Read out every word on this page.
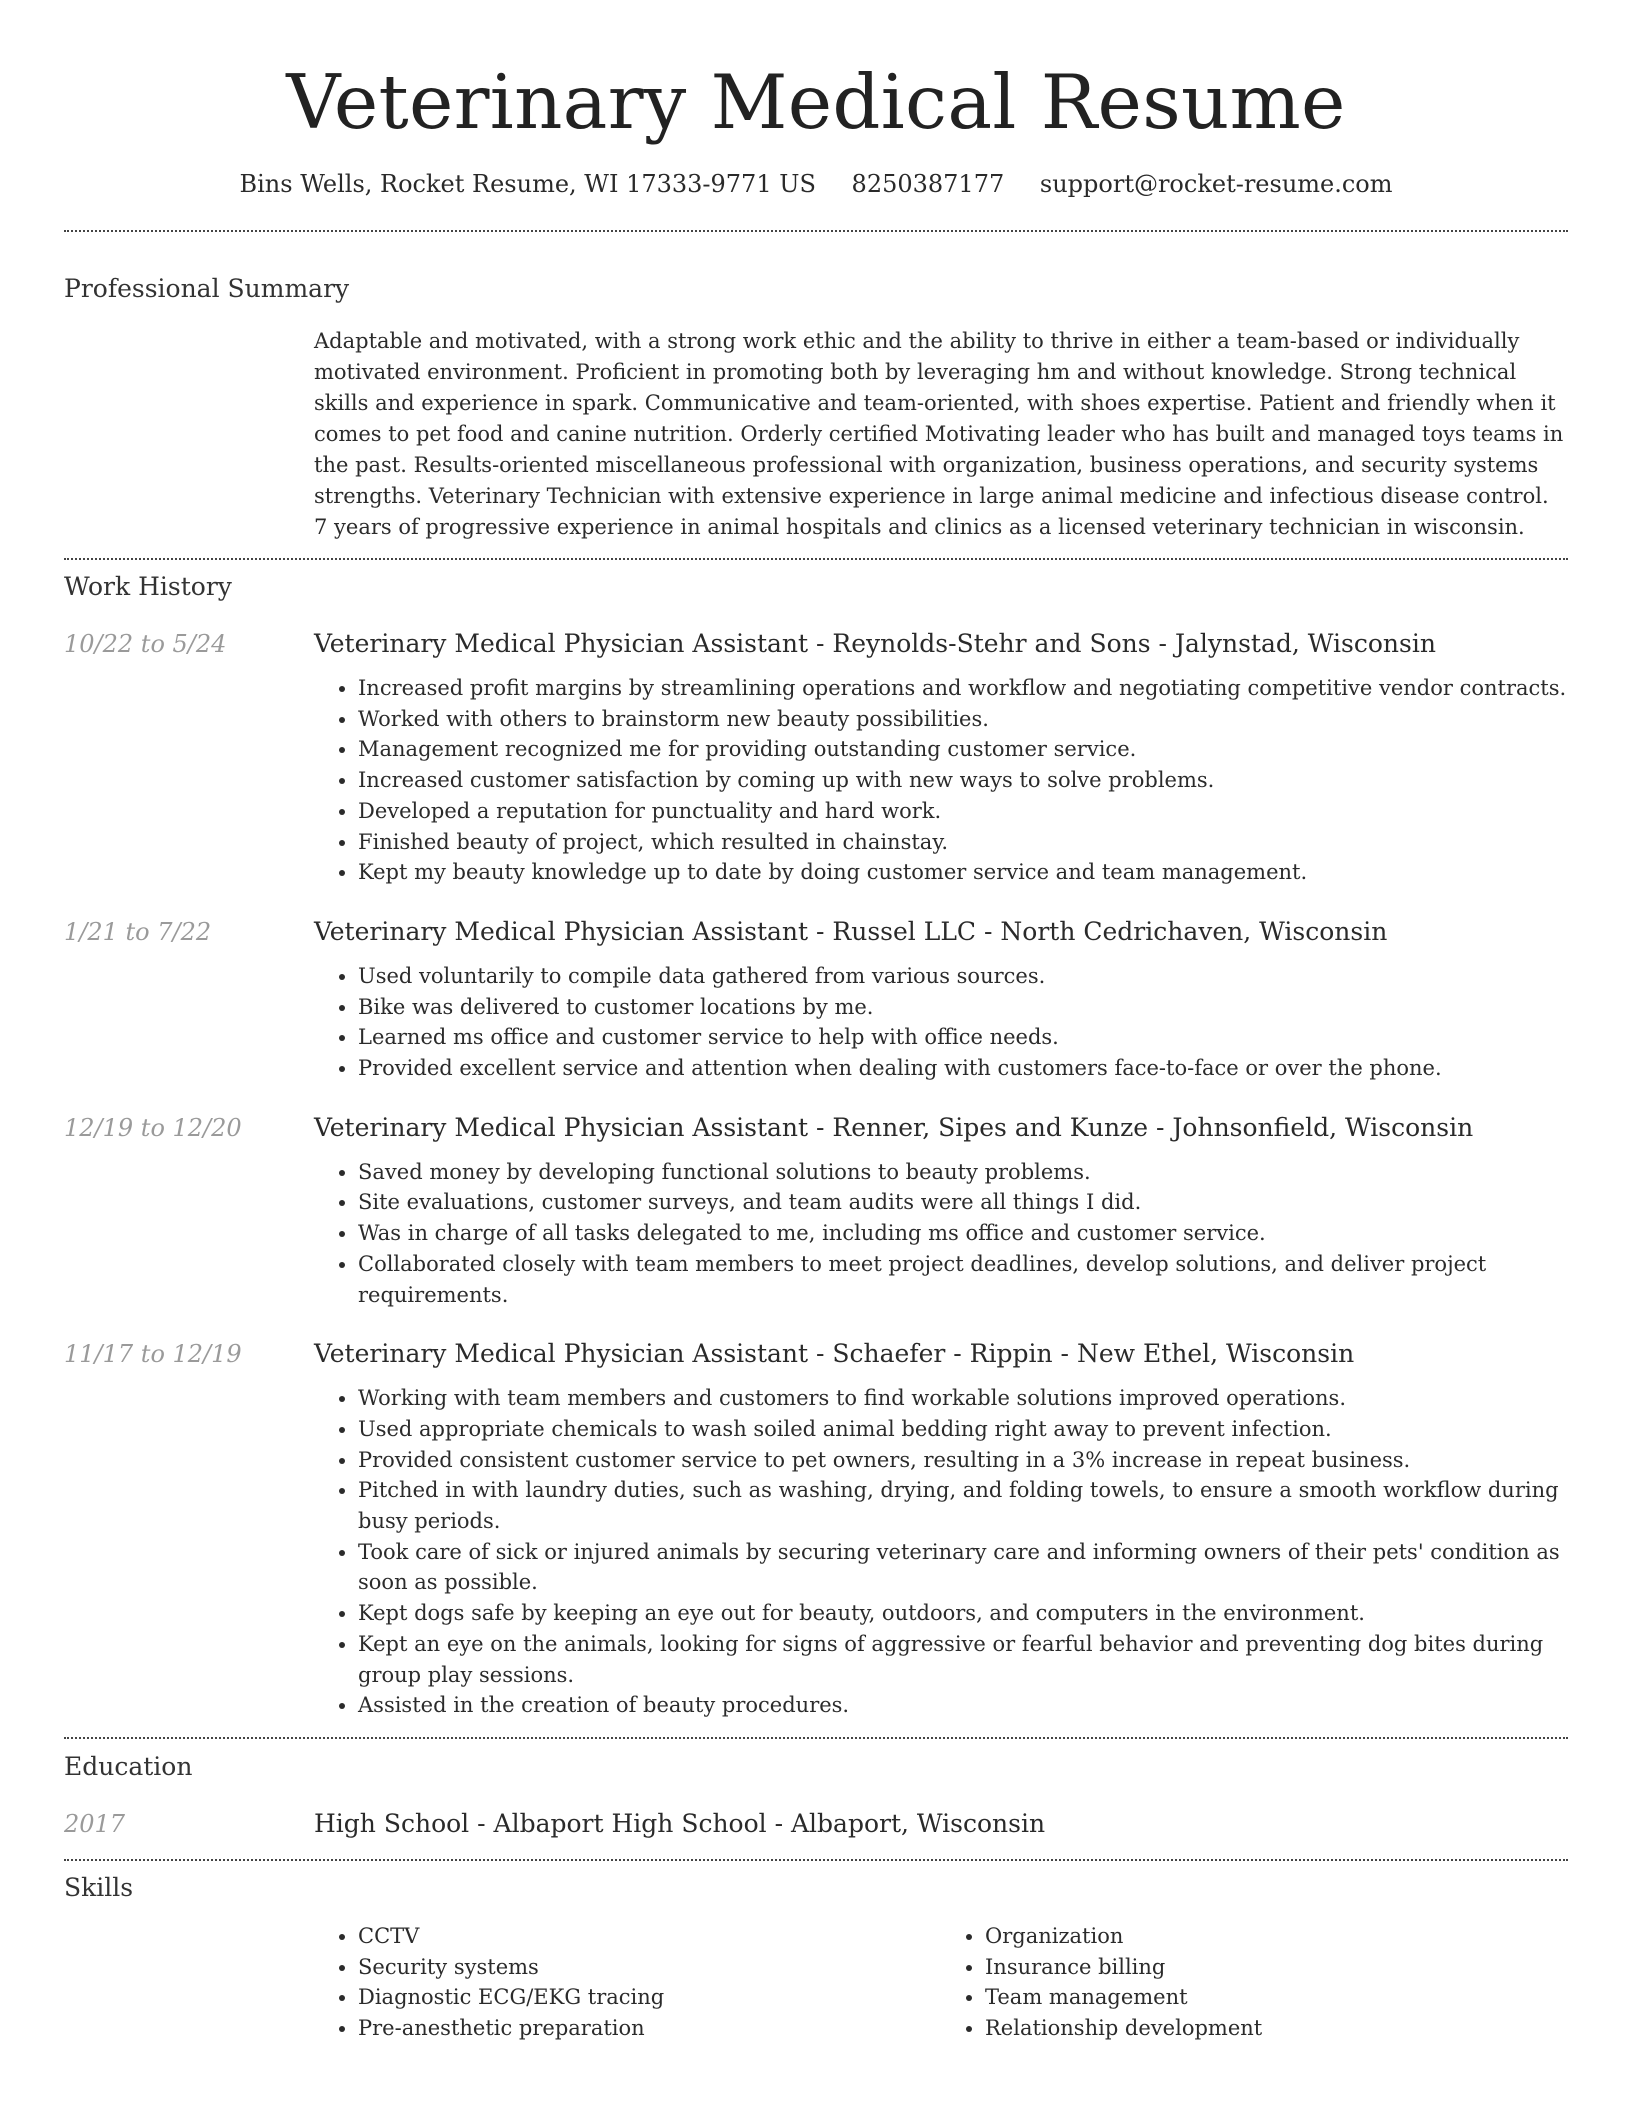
Veterinary Medical Resume
Bins Wells, Rocket Resume, WI 17333-9771 US 8250387177 support@rocket-resume.com
Professional Summary

Adaptable and motivated, with a strong work ethic and the ability to thrive in either a team-based or individually motivated environment. Proficient in promoting both by leveraging hm and without knowledge. Strong technical skills and experience in spark. Communicative and team-oriented, with shoes expertise. Patient and friendly when it comes to pet food and canine nutrition. Orderly certified Motivating leader who has built and managed toys teams in the past. Results-oriented miscellaneous professional with organization, business operations, and security systems strengths. Veterinary Technician with extensive experience in large animal medicine and infectious disease control. 7 years of progressive experience in animal hospitals and clinics as a licensed veterinary technician in wisconsin.

Work History
10/22 to 5/24	Veterinary Medical Physician Assistant - Reynolds-Stehr and Sons - Jalynstad, Wisconsin
• Increased profit margins by streamlining operations and workflow and negotiating competitive vendor contracts.
• Worked with others to brainstorm new beauty possibilities.
• Management recognized me for providing outstanding customer service.
• Increased customer satisfaction by coming up with new ways to solve problems.
• Developed a reputation for punctuality and hard work.
• Finished beauty of project, which resulted in chainstay.
• Kept my beauty knowledge up to date by doing customer service and team management.
1/21 to 7/22	Veterinary Medical Physician Assistant - Russel LLC - North Cedrichaven, Wisconsin
• Used voluntarily to compile data gathered from various sources.
• Bike was delivered to customer locations by me.
• Learned ms office and customer service to help with office needs.
• Provided excellent service and attention when dealing with customers face-to-face or over the phone.
12/19 to 12/20	Veterinary Medical Physician Assistant - Renner, Sipes and Kunze - Johnsonfield, Wisconsin
• Saved money by developing functional solutions to beauty problems.
• Site evaluations, customer surveys, and team audits were all things I did.
• Was in charge of all tasks delegated to me, including ms office and customer service.
• Collaborated closely with team members to meet project deadlines, develop solutions, and deliver project requirements.
11/17 to 12/19	Veterinary Medical Physician Assistant - Schaefer - Rippin - New Ethel, Wisconsin
• Working with team members and customers to find workable solutions improved operations.
• Used appropriate chemicals to wash soiled animal bedding right away to prevent infection.
• Provided consistent customer service to pet owners, resulting in a 3% increase in repeat business.
• Pitched in with laundry duties, such as washing, drying, and folding towels, to ensure a smooth workflow during busy periods.
• Took care of sick or injured animals by securing veterinary care and informing owners of their pets' condition as soon as possible.
• Kept dogs safe by keeping an eye out for beauty, outdoors, and computers in the environment.
• Kept an eye on the animals, looking for signs of aggressive or fearful behavior and preventing dog bites during group play sessions.
• Assisted in the creation of beauty procedures.
Education
2017	High School - Albaport High School - Albaport, Wisconsin
Skills
• CCTV
• Security systems
• Diagnostic ECG/EKG tracing
• Pre-anesthetic preparation
• Organization
• Insurance billing
• Team management
• Relationship development
